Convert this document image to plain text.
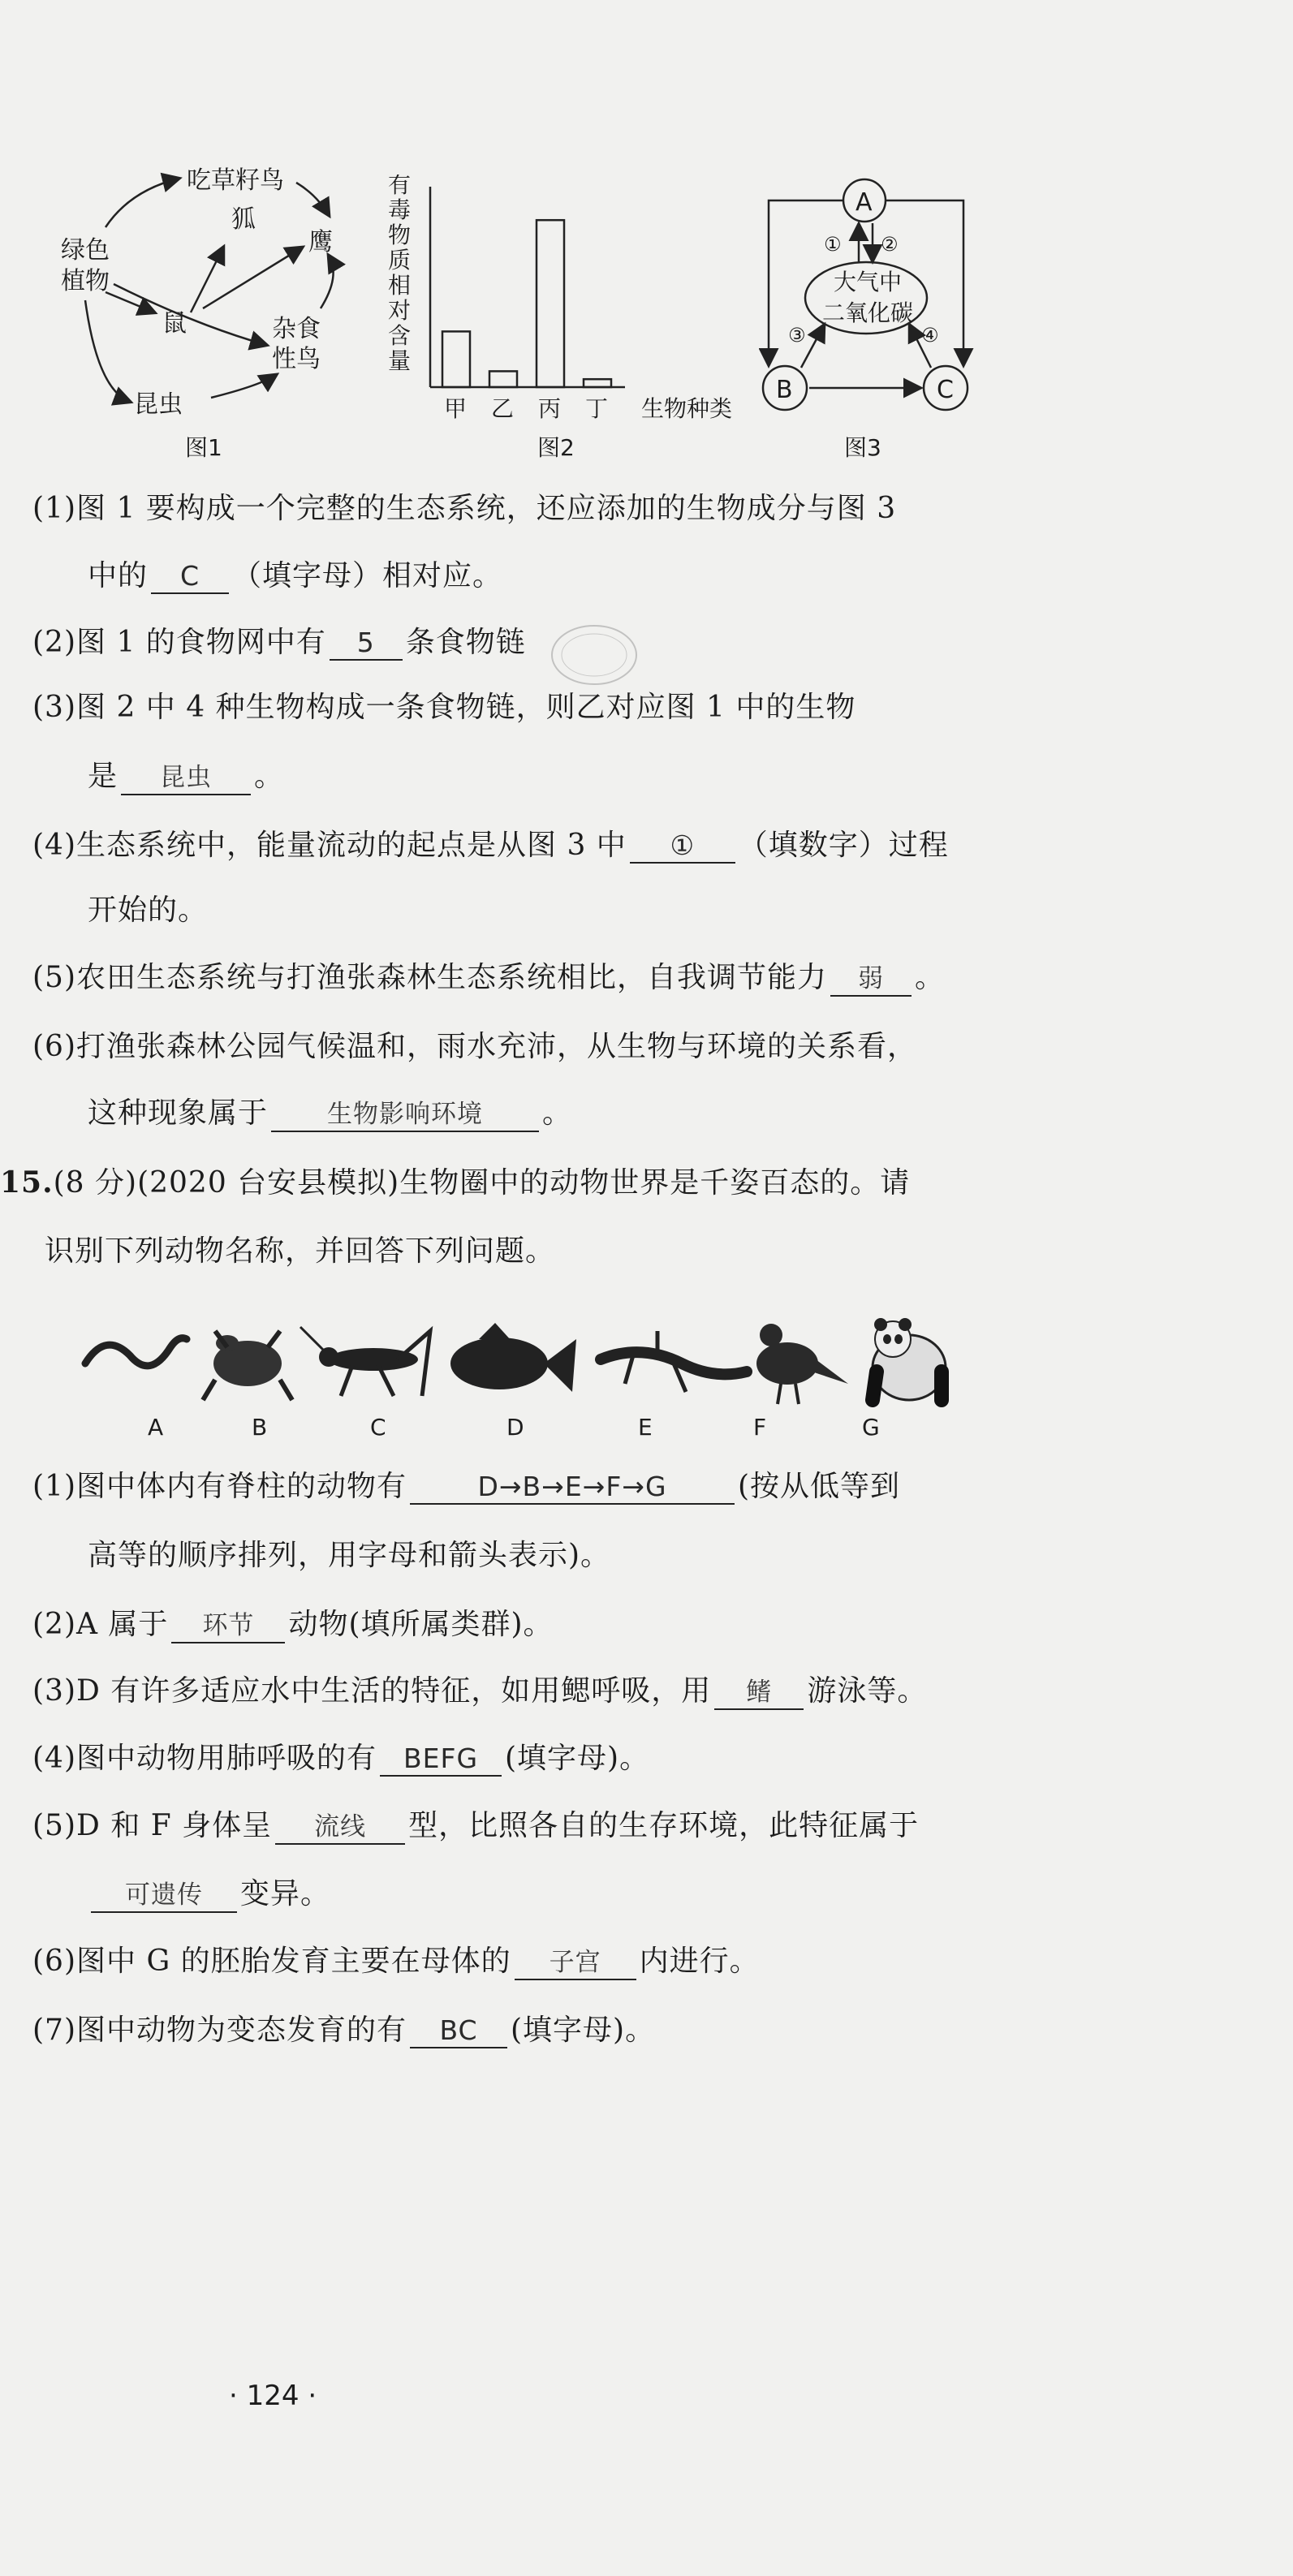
吃草籽鸟
狐
鹰
绿色
植物
鼠	杂食
性鸟
昆虫
图1
有
毒
物
质
相
对
含
量
甲 乙 丙 丁 生物种类
图2
A
大气中
二氧化碳
B	C
① ②
③	④
图3
(1)图 1 要构成一个完整的生态系统，还应添加的生物成分与图 3
中的 C （填字母）相对应。
(2)图 1 的食物网中有 5 条食物链
(3)图 2 中 4 种生物构成一条食物链，则乙对应图 1 中的生物
是 昆虫 。
(4)生态系统中，能量流动的起点是从图 3 中 ① （填数字）过程
开始的。
(5)农田生态系统与打渔张森林生态系统相比，自我调节能力 弱 。
(6)打渔张森林公园气候温和，雨水充沛，从生物与环境的关系看，
这种现象属于 生物影响环境 。
15.(8 分)(2020 台安县模拟)生物圈中的动物世界是千姿百态的。请
识别下列动物名称，并回答下列问题。
A	B	C	D	E	F	G
(1)图中体内有脊柱的动物有	D→B→E→F→G (按从低等到
高等的顺序排列，用字母和箭头表示)。
(2)A 属于 环节 动物(填所属类群)。
(3)D 有许多适应水中生活的特征，如用鳃呼吸，用 鳍 游泳等。
(4)图中动物用肺呼吸的有 BEFG (填字母)。
(5)D 和 F 身体呈 流线 型，比照各自的生存环境，此特征属于
可遗传 变异。
(6)图中 G 的胚胎发育主要在母体的 子宫 内进行。
(7)图中动物为变态发育的有 BC (填字母)。
· 124 ·
